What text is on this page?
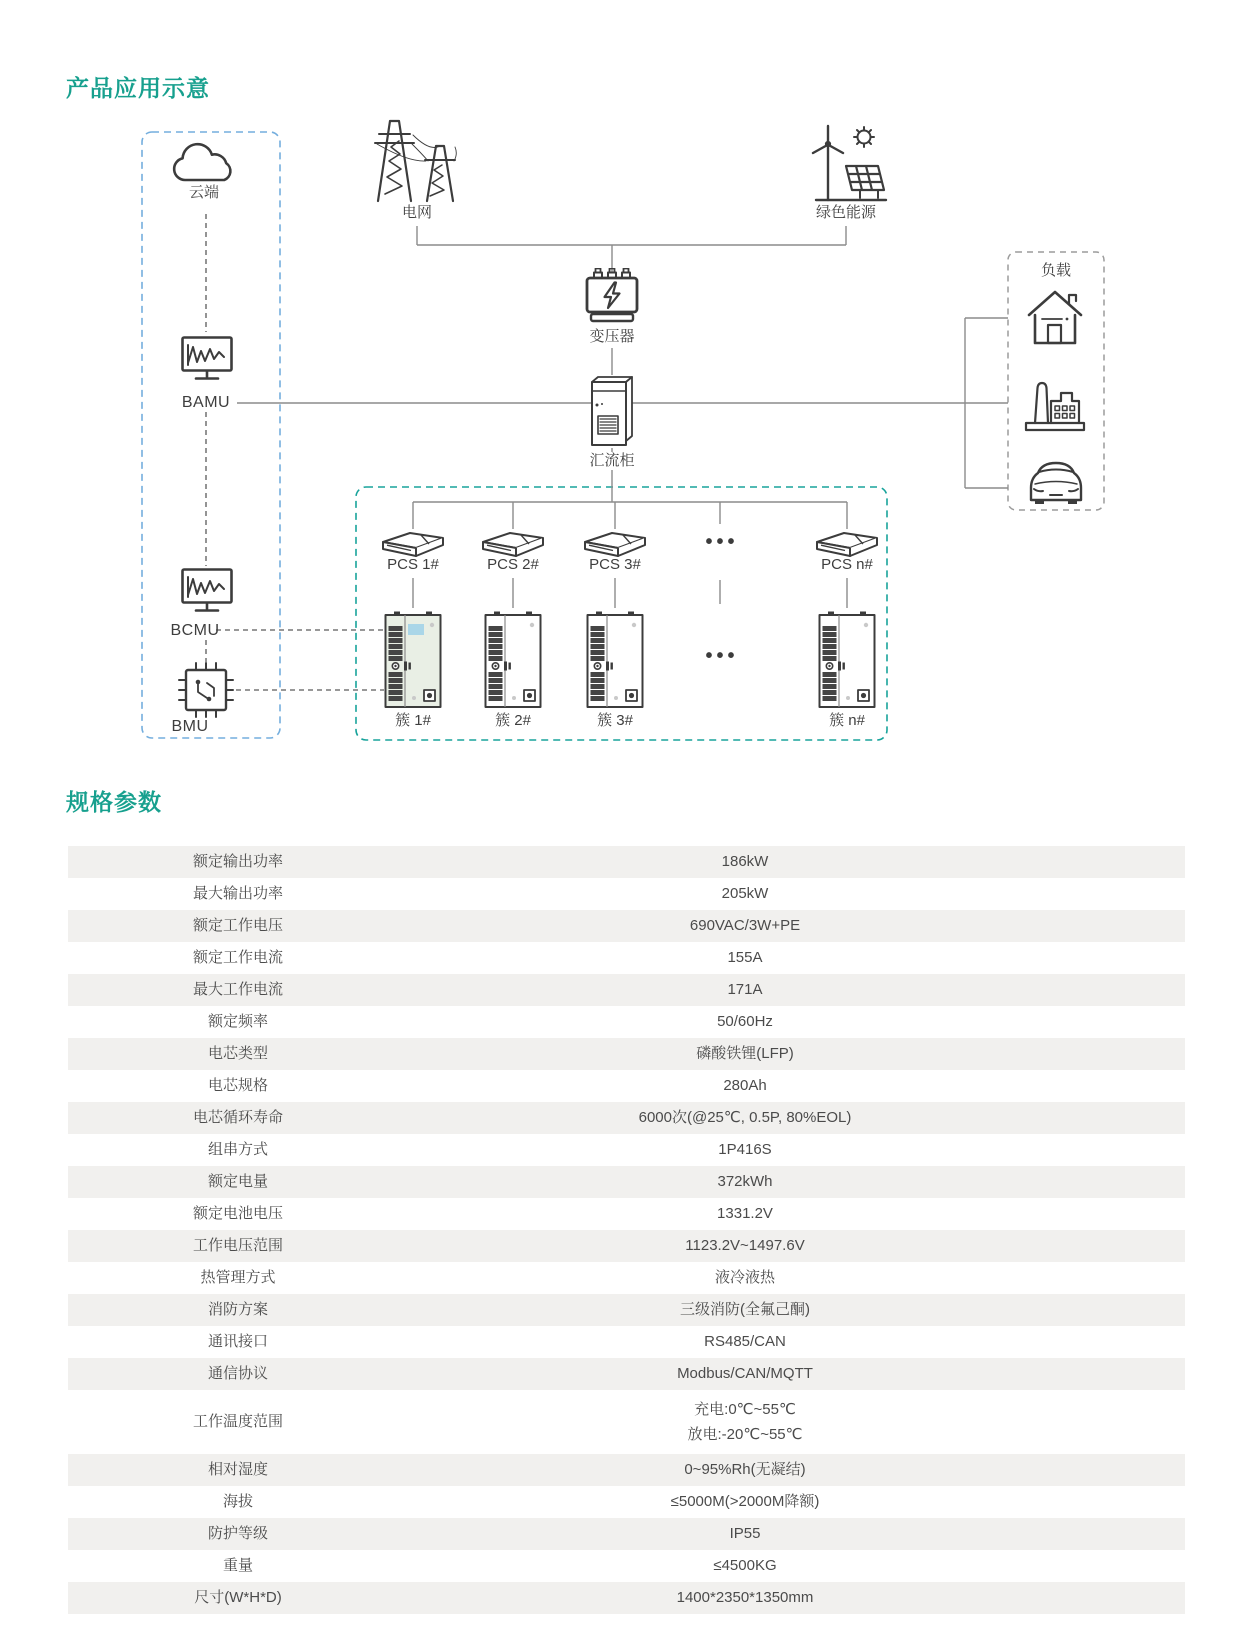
产品应用示意
云端
电网	绿色能源
变压器
汇流柜
BAMU
BCMU
BMU
PCS 1#	PCS 2#	PCS 3#	PCS n#
•••
簇 1#	簇 2#	簇 3#	簇 n#
•••
负载
规格参数
额定输出功率	186kW
最大输出功率	205kW
额定工作电压	690VAC/3W+PE
额定工作电流	155A
最大工作电流	171A
额定频率	50/60Hz
电芯类型	磷酸铁锂(LFP)
电芯规格	280Ah
电芯循环寿命	6000次(@25℃, 0.5P, 80%EOL)
组串方式	1P416S
额定电量	372kWh
额定电池电压	1331.2V
工作电压范围	1123.2V~1497.6V
热管理方式	液冷液热
消防方案	三级消防(全氟己酮)
通讯接口	RS485/CAN
通信协议	Modbus/CAN/MQTT
工作温度范围
充电:0℃~55℃
放电:-20℃~55℃
相对湿度	0~95%Rh(无凝结)
海拔	≤5000M(>2000M降额)
防护等级	IP55
重量	≤4500KG
尺寸(W*H*D)	1400*2350*1350mm
